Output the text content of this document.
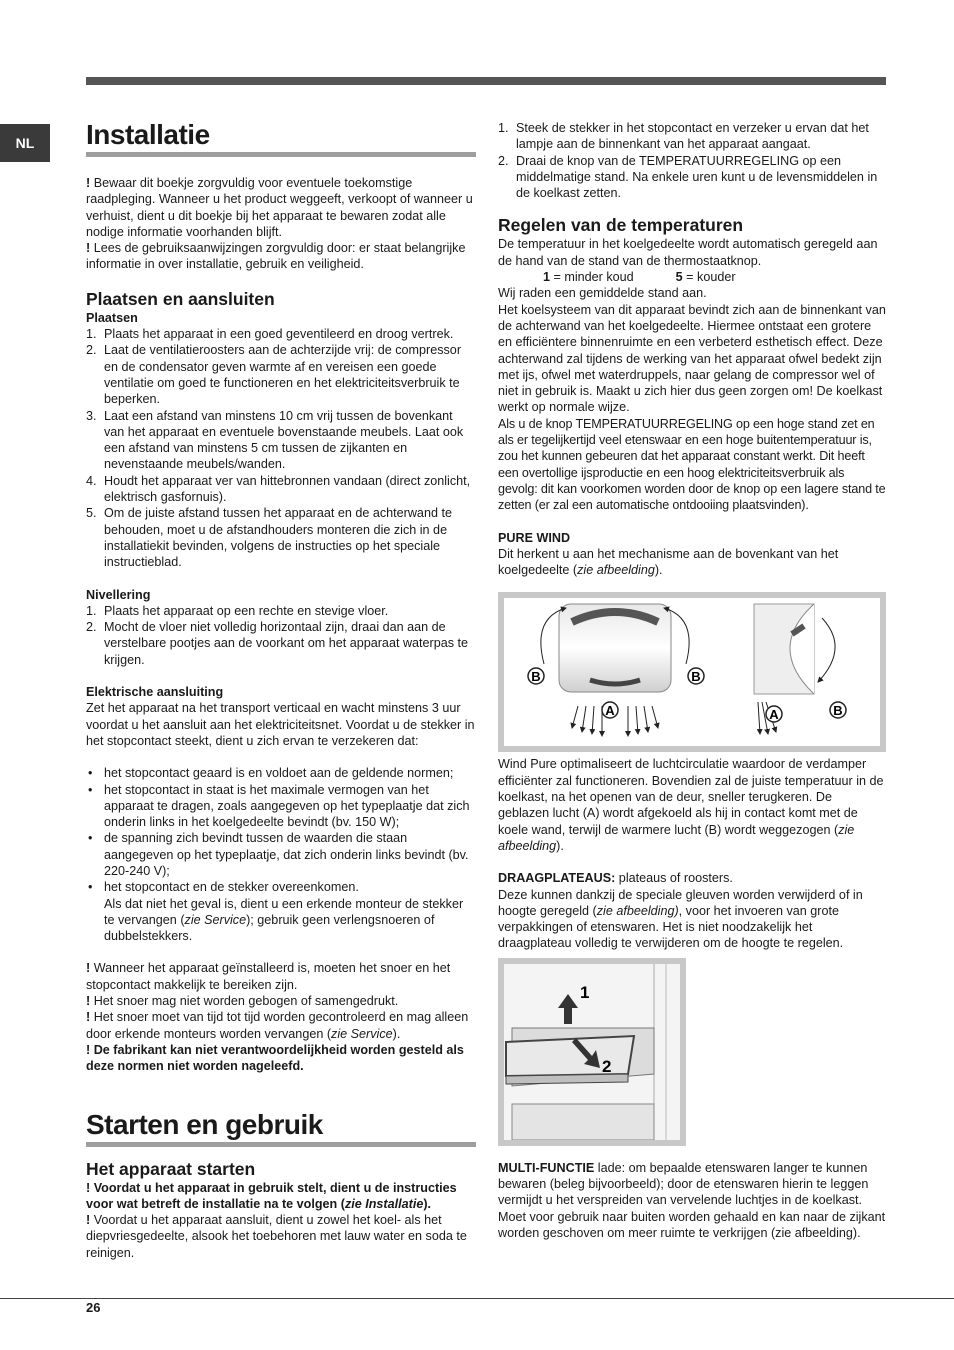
NL	Installatie

! Bewaar dit boekje zorgvuldig voor eventuele toekomstige raadpleging. Wanneer u het product weggeeft, verkoopt of wanneer u verhuist, dient u dit boekje bij het apparaat te bewaren zodat alle nodige informatie voorhanden blijft.

! Lees de gebruiksaanwijzingen zorgvuldig door: er staat belangrijke informatie in over installatie, gebruik en veiligheid.

Plaatsen en aansluiten

Plaatsen

1. Plaats het apparaat in een goed geventileerd en droog vertrek.
2. Laat de ventilatieroosters aan de achterzijde vrij: de compressor en de condensator geven warmte af en vereisen een goede ventilatie om goed te functioneren en het elektriciteitsverbruik te beperken.
3. Laat een afstand van minstens 10 cm vrij tussen de bovenkant van het apparaat en eventuele bovenstaande meubels. Laat ook een afstand van minstens 5 cm tussen de zijkanten en nevenstaande meubels/wanden.
4. Houdt het apparaat ver van hittebronnen vandaan (direct zonlicht, elektrisch gasfornuis).
5. Om de juiste afstand tussen het apparaat en de achterwand te behouden, moet u de afstandhouders monteren die zich in de installatiekit bevinden, volgens de instructies op het speciale instructieblad.

Nivellering

1. Plaats het apparaat op een rechte en stevige vloer.
2. Mocht de vloer niet volledig horizontaal zijn, draai dan aan de verstelbare pootjes aan de voorkant om het apparaat waterpas te krijgen.

Elektrische aansluiting

Zet het apparaat na het transport verticaal en wacht minstens 3 uur voordat u het aansluit aan het elektriciteitsnet. Voordat u de stekker in het stopcontact steekt, dient u zich ervan te verzekeren dat:

• het stopcontact geaard is en voldoet aan de geldende normen;
• het stopcontact in staat is het maximale vermogen van het apparaat te dragen, zoals aangegeven op het typeplaatje dat zich onderin links in het koelgedeelte bevindt (bv. 150 W);
• de spanning zich bevindt tussen de waarden die staan aangegeven op het typeplaatje, dat zich onderin links bevindt (bv. 220-240 V);
• het stopcontact en de stekker overeenkomen.
Als dat niet het geval is, dient u een erkende monteur de stekker te vervangen (zie Service); gebruik geen verlengsnoeren of dubbelstekkers.

! Wanneer het apparaat geïnstalleerd is, moeten het snoer en het stopcontact makkelijk te bereiken zijn.

! Het snoer mag niet worden gebogen of samengedrukt.

! Het snoer moet van tijd tot tijd worden gecontroleerd en mag alleen door erkende monteurs worden vervangen (zie Service).

! De fabrikant kan niet verantwoordelijkheid worden gesteld als deze normen niet worden nageleefd.

Starten en gebruik
Het apparaat starten

! Voordat u het apparaat in gebruik stelt, dient u de instructies voor wat betreft de installatie na te volgen (zie Installatie).

! Voordat u het apparaat aansluit, dient u zowel het koel- als het diepvriesgedeelte, alsook het toebehoren met lauw water en soda te reinigen.

1. Steek de stekker in het stopcontact en verzeker u ervan dat het lampje aan de binnenkant van het apparaat aangaat.
2. Draai de knop van de TEMPERATUURREGELING op een middelmatige stand. Na enkele uren kunt u de levensmiddelen in de koelkast zetten.
Regelen van de temperaturen

De temperatuur in het koelgedeelte wordt automatisch geregeld aan de hand van de stand van de thermostaatknop.

1 = minder koud	5 = kouder

Wij raden een gemiddelde stand aan.

Het koelsysteem van dit apparaat bevindt zich aan de binnenkant van de achterwand van het koelgedeelte. Hiermee ontstaat een grotere en efficiëntere binnenruimte en een verbeterd esthetisch effect. Deze achterwand zal tijdens de werking van het apparaat ofwel bedekt zijn met ijs, ofwel met waterdruppels, naar gelang de compressor wel of niet in gebruik is. Maakt u zich hier dus geen zorgen om! De koelkast werkt op normale wijze.

Als u de knop TEMPERATUURREGELING op een hoge stand zet en als er tegelijkertijd veel etenswaar en een hoge buitentemperatuur is, zou het kunnen gebeuren dat het apparaat constant werkt. Dit heeft een overtollige ijsproductie en een hoog elektriciteitsverbruik als gevolg: dit kan voorkomen worden door de knop op een lagere stand te zetten (er zal een automatische ontdooiing plaatsvinden).

PURE WIND

Dit herkent u aan het mechanisme aan de bovenkant van het koelgedeelte (zie afbeelding).

B	B
A	A	B

Wind Pure optimaliseert de luchtcirculatie waardoor de verdamper efficiënter zal functioneren. Bovendien zal de juiste temperatuur in de koelkast, na het openen van de deur, sneller terugkeren. De geblazen lucht (A) wordt afgekoeld als hij in contact komt met de koele wand, terwijl de warmere lucht (B) wordt weggezogen (zie afbeelding).

DRAAGPLATEAUS: plateaus of roosters.

Deze kunnen dankzij de speciale gleuven worden verwijderd of in hoogte geregeld (zie afbeelding), voor het invoeren van grote verpakkingen of etenswaren. Het is niet noodzakelijk het draagplateau volledig te verwijderen om de hoogte te regelen.

1
2

MULTI-FUNCTIE lade: om bepaalde etenswaren langer te kunnen bewaren (beleg bijvoorbeeld); door de etenswaren hierin te leggen vermijdt u het verspreiden van vervelende luchtjes in de koelkast. Moet voor gebruik naar buiten worden gehaald en kan naar de zijkant worden geschoven om meer ruimte te verkrijgen (zie afbeelding).

26
